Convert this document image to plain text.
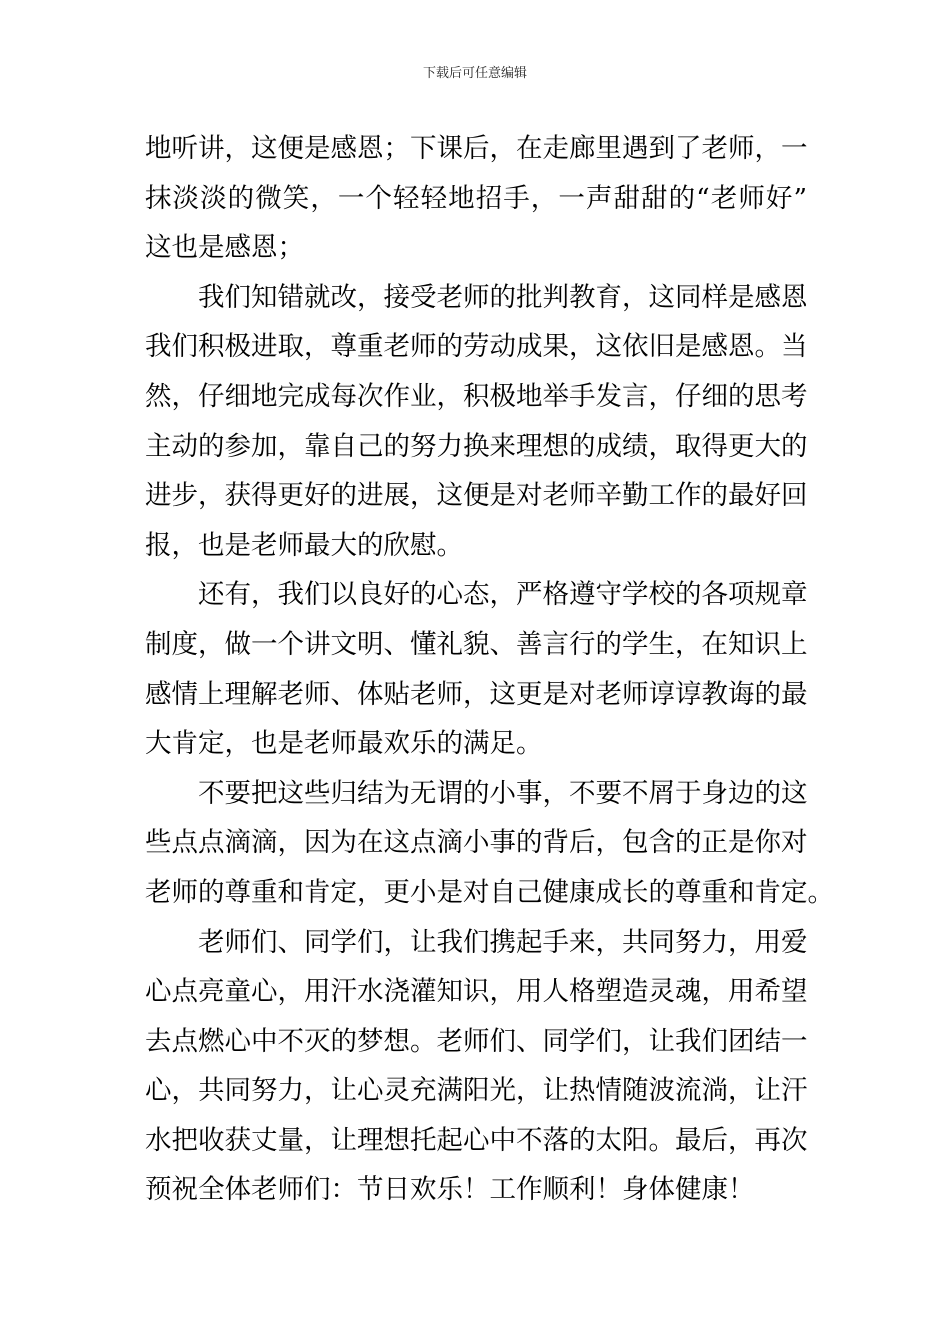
下载后可任意编辑
地听讲，这便是感恩；下课后，在走廊里遇到了老师，一
抹淡淡的微笑，一个轻轻地招手，一声甜甜的“老师好”
这也是感恩；
我们知错就改，接受老师的批判教育，这同样是感恩
我们积极进取，尊重老师的劳动成果，这依旧是感恩。当
然，仔细地完成每次作业，积极地举手发言，仔细的思考
主动的参加，靠自己的努力换来理想的成绩，取得更大的
进步，获得更好的进展，这便是对老师辛勤工作的最好回
报，也是老师最大的欣慰。
还有，我们以良好的心态，严格遵守学校的各项规章
制度，做一个讲文明、懂礼貌、善言行的学生，在知识上
感情上理解老师、体贴老师，这更是对老师谆谆教诲的最
大肯定，也是老师最欢乐的满足。
不要把这些归结为无谓的小事，不要不屑于身边的这
些点点滴滴，因为在这点滴小事的背后，包含的正是你对
老师的尊重和肯定，更小是对自己健康成长的尊重和肯定。
老师们、同学们，让我们携起手来，共同努力，用爱
心点亮童心，用汗水浇灌知识，用人格塑造灵魂，用希望
去点燃心中不灭的梦想。老师们、同学们，让我们团结一
心，共同努力，让心灵充满阳光，让热情随波流淌，让汗
水把收获丈量，让理想托起心中不落的太阳。最后，再次
预祝全体老师们：节日欢乐！工作顺利！身体健康！
